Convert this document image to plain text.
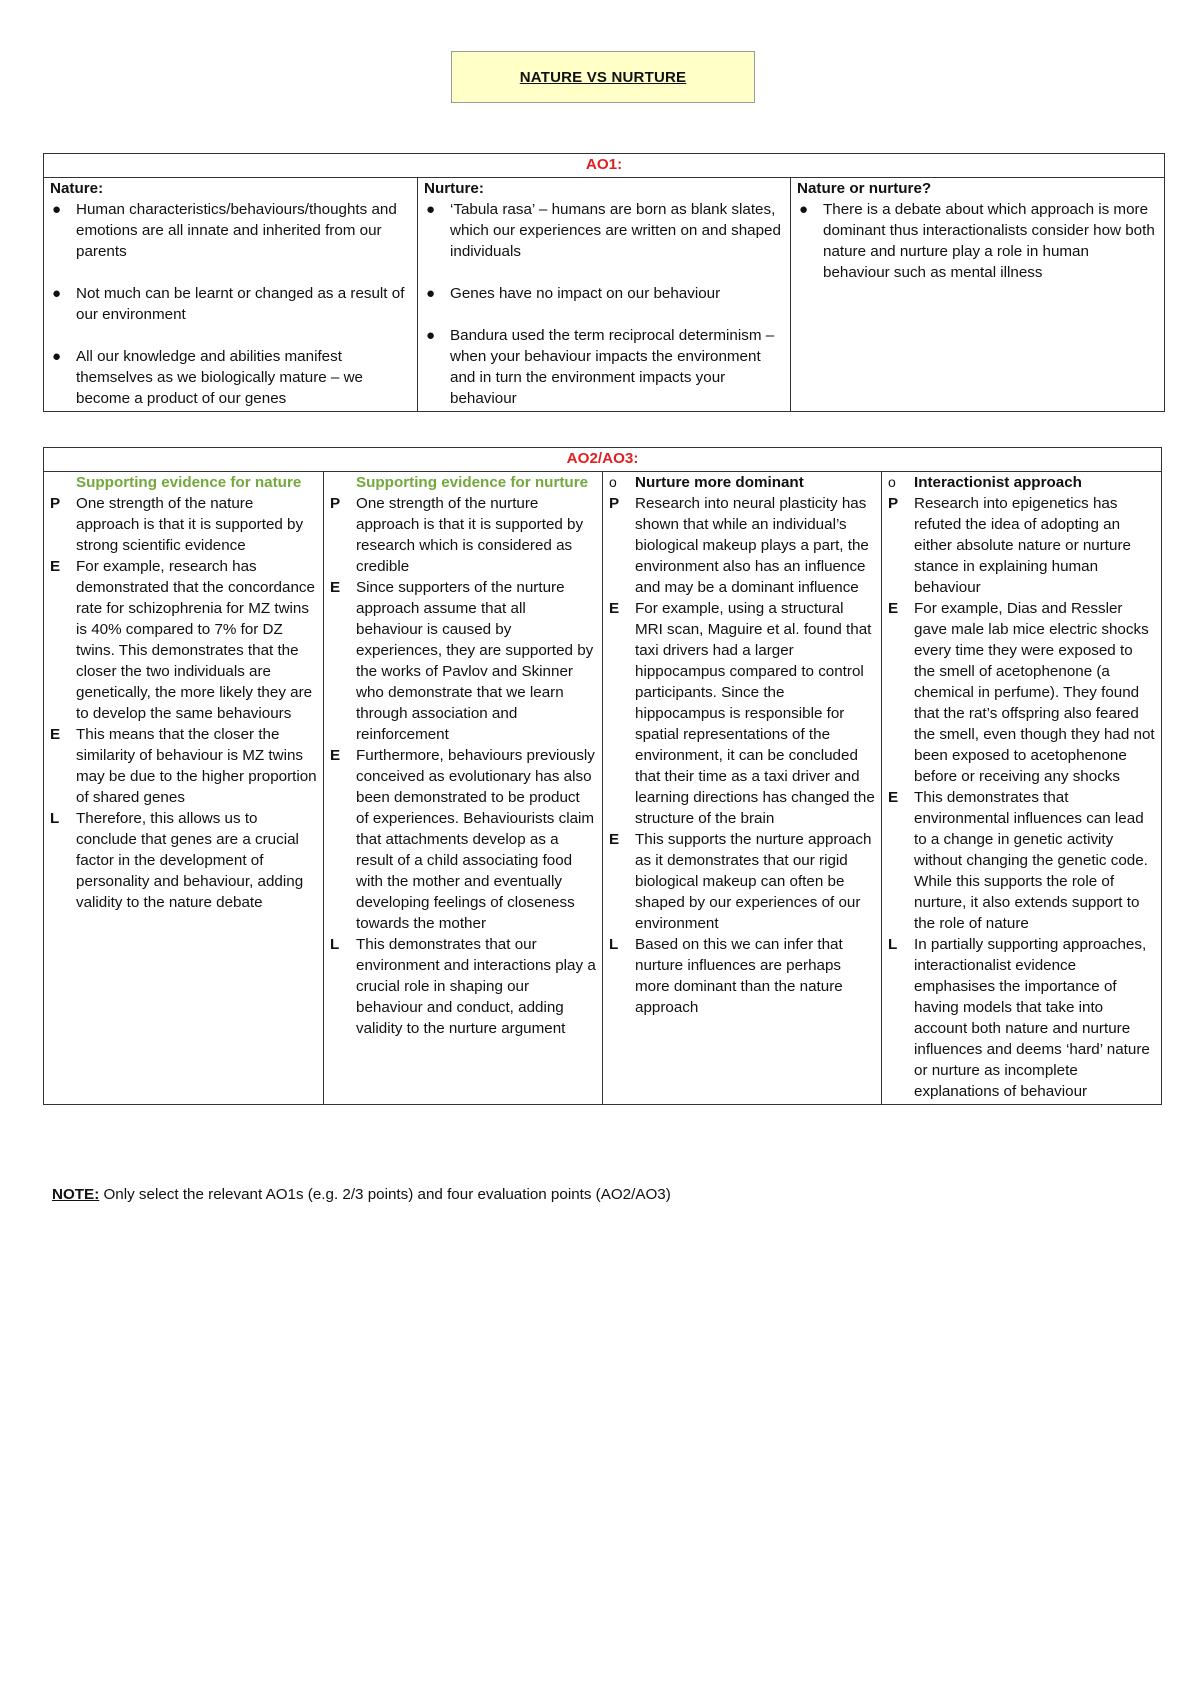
NATURE VS NURTURE
AO1:

Nature:
● Human characteristics/behaviours/thoughts and emotions are all innate and inherited from our parents
● Not much can be learnt or changed as a result of our environment
● All our knowledge and abilities manifest themselves as we biologically mature – we become a product of our genes

Nurture:
● ‘Tabula rasa’ – humans are born as blank slates, which our experiences are written on and shaped individuals
● Genes have no impact on our behaviour
● Bandura used the term reciprocal determinism – when your behaviour impacts the environment and in turn the environment impacts your behaviour

Nature or nurture?
● There is a debate about which approach is more dominant thus interactionalists consider how both nature and nurture play a role in human behaviour such as mental illness
AO2/AO3:

Supporting evidence for nature
P	One strength of the nature approach is that it is supported by strong scientific evidence
E	For example, research has demonstrated that the concordance rate for schizophrenia for MZ twins is 40% compared to 7% for DZ twins. This demonstrates that the closer the two individuals are genetically, the more likely they are to develop the same behaviours
E	This means that the closer the similarity of behaviour is MZ twins may be due to the higher proportion of shared genes
L	Therefore, this allows us to conclude that genes are a crucial factor in the development of personality and behaviour, adding validity to the nature debate

Supporting evidence for nurture
P	One strength of the nurture approach is that it is supported by research which is considered as credible
E	Since supporters of the nurture approach assume that all behaviour is caused by experiences, they are supported by the works of Pavlov and Skinner who demonstrate that we learn through association and reinforcement
E	Furthermore, behaviours previously conceived as evolutionary has also been demonstrated to be product of experiences. Behaviourists claim that attachments develop as a result of a child associating food with the mother and eventually developing feelings of closeness towards the mother
L	This demonstrates that our environment and interactions play a crucial role in shaping our behaviour and conduct, adding validity to the nurture argument

o	Nurture more dominant
P	Research into neural plasticity has shown that while an individual’s biological makeup plays a part, the environment also has an influence and may be a dominant influence
E	For example, using a structural MRI scan, Maguire et al. found that taxi drivers had a larger hippocampus compared to control participants. Since the hippocampus is responsible for spatial representations of the environment, it can be concluded that their time as a taxi driver and learning directions has changed the structure of the brain
E	This supports the nurture approach as it demonstrates that our rigid biological makeup can often be shaped by our experiences of our environment
L	Based on this we can infer that nurture influences are perhaps more dominant than the nature approach

o	Interactionist approach
P	Research into epigenetics has refuted the idea of adopting an either absolute nature or nurture stance in explaining human behaviour
E	For example, Dias and Ressler gave male lab mice electric shocks every time they were exposed to the smell of acetophenone (a chemical in perfume). They found that the rat’s offspring also feared the smell, even though they had not been exposed to acetophenone before or receiving any shocks
E	This demonstrates that environmental influences can lead to a change in genetic activity without changing the genetic code. While this supports the role of nurture, it also extends support to the role of nature
L	In partially supporting approaches, interactionalist evidence emphasises the importance of having models that take into account both nature and nurture influences and deems ‘hard’ nature or nurture as incomplete explanations of behaviour
NOTE: Only select the relevant AO1s (e.g. 2/3 points) and four evaluation points (AO2/AO3)
